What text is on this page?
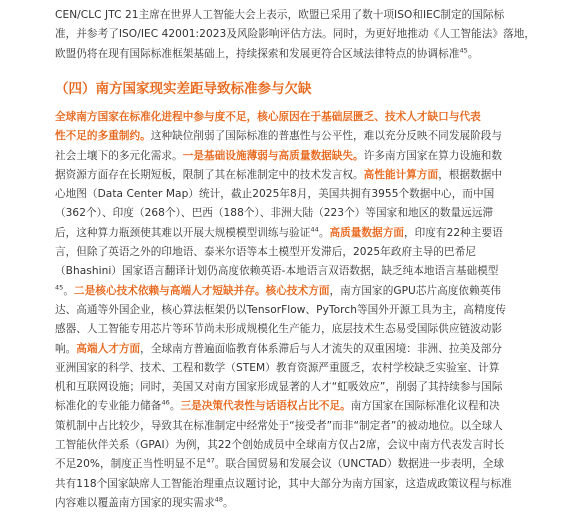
CEN/CLC JTC 21主席在世界人工智能大会上表示，欧盟已采用了数十项ISO和IEC制定的国际标
准，并参考了ISO/IEC 42001:2023及风险影响评估方法。同时，为更好地推动《人工智能法》落地，
欧盟仍将在现有国际标准框架基础上，持续探索和发展更符合区域法律特点的协调标准$^{45}$。
（四）南方国家现实差距导致标准参与欠缺
全球南方国家在标准化进程中参与度不足，核心原因在于基础层匮乏、技术人才缺口与代表
性不足的多重制约。这种缺位削弱了国际标准的普惠性与公平性，难以充分反映不同发展阶段与
社会土壤下的多元化需求。一是基础设施薄弱与高质量数据缺失。许多南方国家在算力设施和数
据资源方面存在长期短板，限制了其在标准制定中的技术发言权。高性能计算方面，根据数据中
心地图（Data Center Map）统计，截止2025年8月，美国共拥有3955个数据中心，而中国
（362个）、印度（268个）、巴西（188个）、非洲大陆（223个）等国家和地区的数量远远滞
后，这种算力瓶颈使其难以开展大规模模型训练与验证$^{44}$。高质量数据方面，印度有22种主要语
言，但除了英语之外的印地语、泰米尔语等本土模型开发滞后，2025年政府主导的巴希尼
（Bhashini）国家语言翻译计划仍高度依赖英语-本地语言双语数据，缺乏纯本地语言基础模型
$^{45}$。二是核心技术依赖与高端人才短缺并存。核心技术方面，南方国家的GPU芯片高度依赖英伟
达、高通等外国企业，核心算法框架仍以TensorFlow、PyTorch等国外开源工具为主，高精度传
感器、人工智能专用芯片等环节尚未形成规模化生产能力，底层技术生态易受国际供应链波动影
响。高端人才方面，全球南方普遍面临教育体系滞后与人才流失的双重困境：非洲、拉美及部分
亚洲国家的科学、技术、工程和数学（STEM）教育资源严重匮乏，农村学校缺乏实验室、计算
机和互联网设施；同时，美国又对南方国家形成显著的人才“虹吸效应”，削弱了其持续参与国际
标准化的专业能力储备$^{46}$。三是决策代表性与话语权占比不足。南方国家在国际标准化议程和决
策机制中占比较少，导致其在标准制定中经常处于“接受者”而非“制定者”的被动地位。以全球人
工智能伙伴关系（GPAI）为例，其22个创始成员中全球南方仅占2席，会议中南方代表发言时长
不足20%，制度正当性明显不足$^{47}$。联合国贸易和发展会议（UNCTAD）数据进一步表明，全球
共有118个国家缺席人工智能治理重点议题讨论，其中大部分为南方国家，这造成政策议程与标准
内容难以覆盖南方国家的现实需求$^{48}$。
